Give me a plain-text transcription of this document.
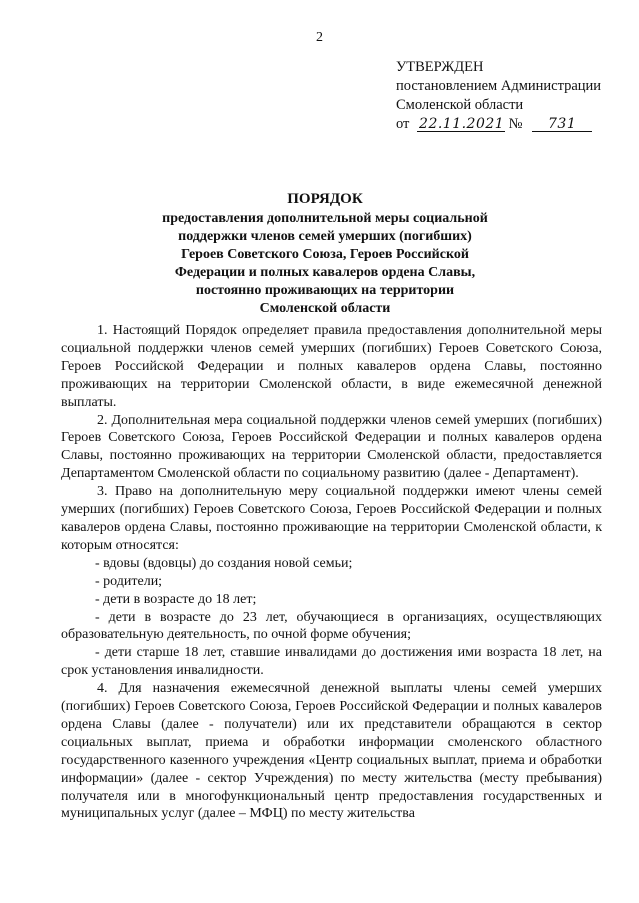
2
УТВЕРЖДЕН
постановлением Администрации
Смоленской области
от 22.11.2021 № 731
ПОРЯДОК
предоставления дополнительной меры социальной
поддержки членов семей умерших (погибших)
Героев Советского Союза, Героев Российской
Федерации и полных кавалеров ордена Славы,
постоянно проживающих на территории
Смоленской области

1. Настоящий Порядок определяет правила предоставления дополнительной меры социальной поддержки членов семей умерших (погибших) Героев Советского Союза, Героев Российской Федерации и полных кавалеров ордена Славы, постоянно проживающих на территории Смоленской области, в виде ежемесячной денежной выплаты.

2. Дополнительная мера социальной поддержки членов семей умерших (погибших) Героев Советского Союза, Героев Российской Федерации и полных кавалеров ордена Славы, постоянно проживающих на территории Смоленской области, предоставляется Департаментом Смоленской области по социальному развитию (далее - Департамент).

3. Право на дополнительную меру социальной поддержки имеют члены семей умерших (погибших) Героев Советского Союза, Героев Российской Федерации и полных кавалеров ордена Славы, постоянно проживающие на территории Смоленской области, к которым относятся:

- вдовы (вдовцы) до создания новой семьи;

- родители;

- дети в возрасте до 18 лет;

- дети в возрасте до 23 лет, обучающиеся в организациях, осуществляющих образовательную деятельность, по очной форме обучения;

- дети старше 18 лет, ставшие инвалидами до достижения ими возраста 18 лет, на срок установления инвалидности.

4. Для назначения ежемесячной денежной выплаты члены семей умерших (погибших) Героев Советского Союза, Героев Российской Федерации и полных кавалеров ордена Славы (далее - получатели) или их представители обращаются в сектор социальных выплат, приема и обработки информации смоленского областного государственного казенного учреждения «Центр социальных выплат, приема и обработки информации» (далее - сектор Учреждения) по месту жительства (месту пребывания) получателя или в многофункциональный центр предоставления государственных и муниципальных услуг (далее – МФЦ) по месту жительства
